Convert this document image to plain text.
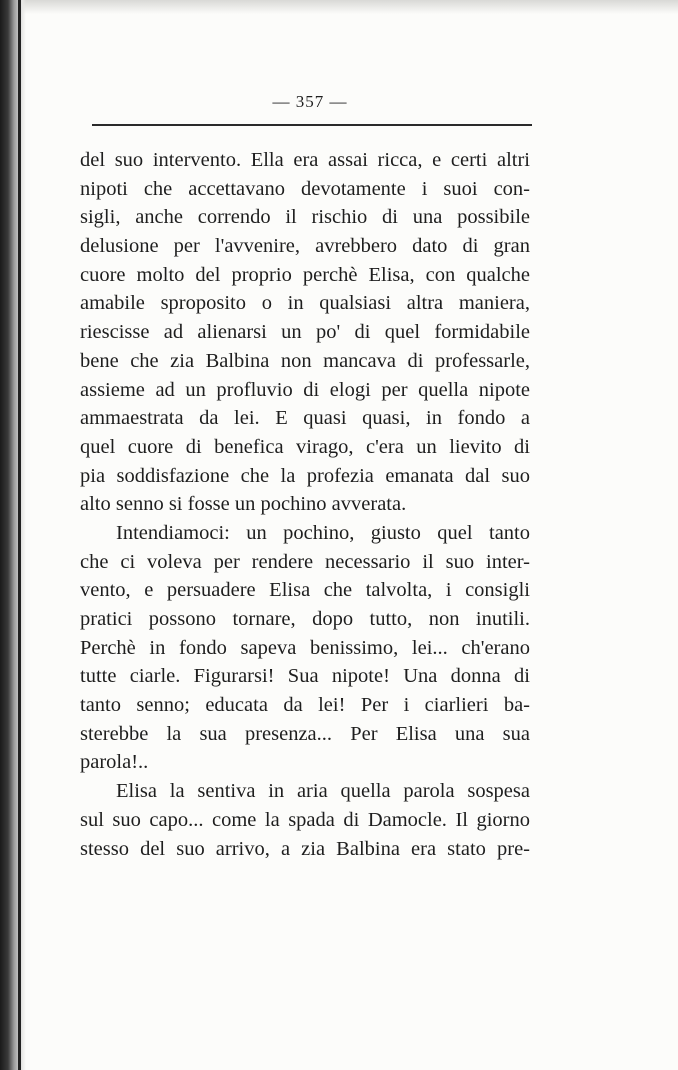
— 357 —
del suo intervento. Ella era assai ricca, e certi altri
nipoti che accettavano devotamente i suoi con-
sigli, anche correndo il rischio di una possibile
delusione per l'avvenire, avrebbero dato di gran
cuore molto del proprio perchè Elisa, con qualche
amabile sproposito o in qualsiasi altra maniera,
riescisse ad alienarsi un po' di quel formidabile
bene che zia Balbina non mancava di professarle,
assieme ad un profluvio di elogi per quella nipote
ammaestrata da lei. E quasi quasi, in fondo a
quel cuore di benefica virago, c'era un lievito di
pia soddisfazione che la profezia emanata dal suo
alto senno si fosse un pochino avverata.
Intendiamoci: un pochino, giusto quel tanto
che ci voleva per rendere necessario il suo inter-
vento, e persuadere Elisa che talvolta, i consigli
pratici possono tornare, dopo tutto, non inutili.
Perchè in fondo sapeva benissimo, lei... ch'erano
tutte ciarle. Figurarsi! Sua nipote! Una donna di
tanto senno; educata da lei! Per i ciarlieri ba-
sterebbe la sua presenza... Per Elisa una sua
parola!..
Elisa la sentiva in aria quella parola sospesa
sul suo capo... come la spada di Damocle. Il giorno
stesso del suo arrivo, a zia Balbina era stato pre-
